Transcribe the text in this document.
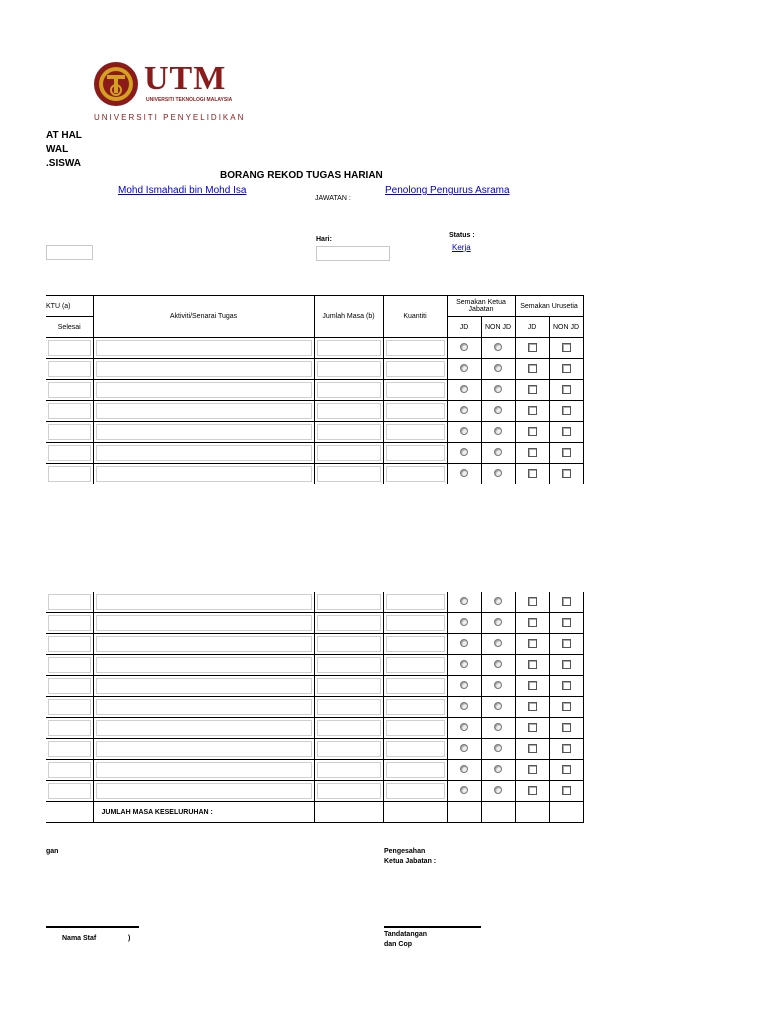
UTM
UNIVERSITI TEKNOLOGI MALAYSIA
UNIVERSITI PENYELIDIKAN
AT HAL
WAL
.SISWA
BORANG REKOD TUGAS HARIAN
Mohd Ismahadi bin Mohd Isa
JAWATAN :
Penolong Pengurus Asrama
Hari:
Status :
Kerja
KTU (a)	Aktiviti/Senarai Tugas	Jumlah Masa (b)	Kuantiti	Semakan Ketua Jabatan		Semakan Urusetia	
Selesai				JD	NON JD	JD	NON JD

	JUMLAH MASA KESELURUHAN :						
gan	Pengesahan
Ketua Jabatan :
Nama Staf	)
Tandatangan
dan Cop
